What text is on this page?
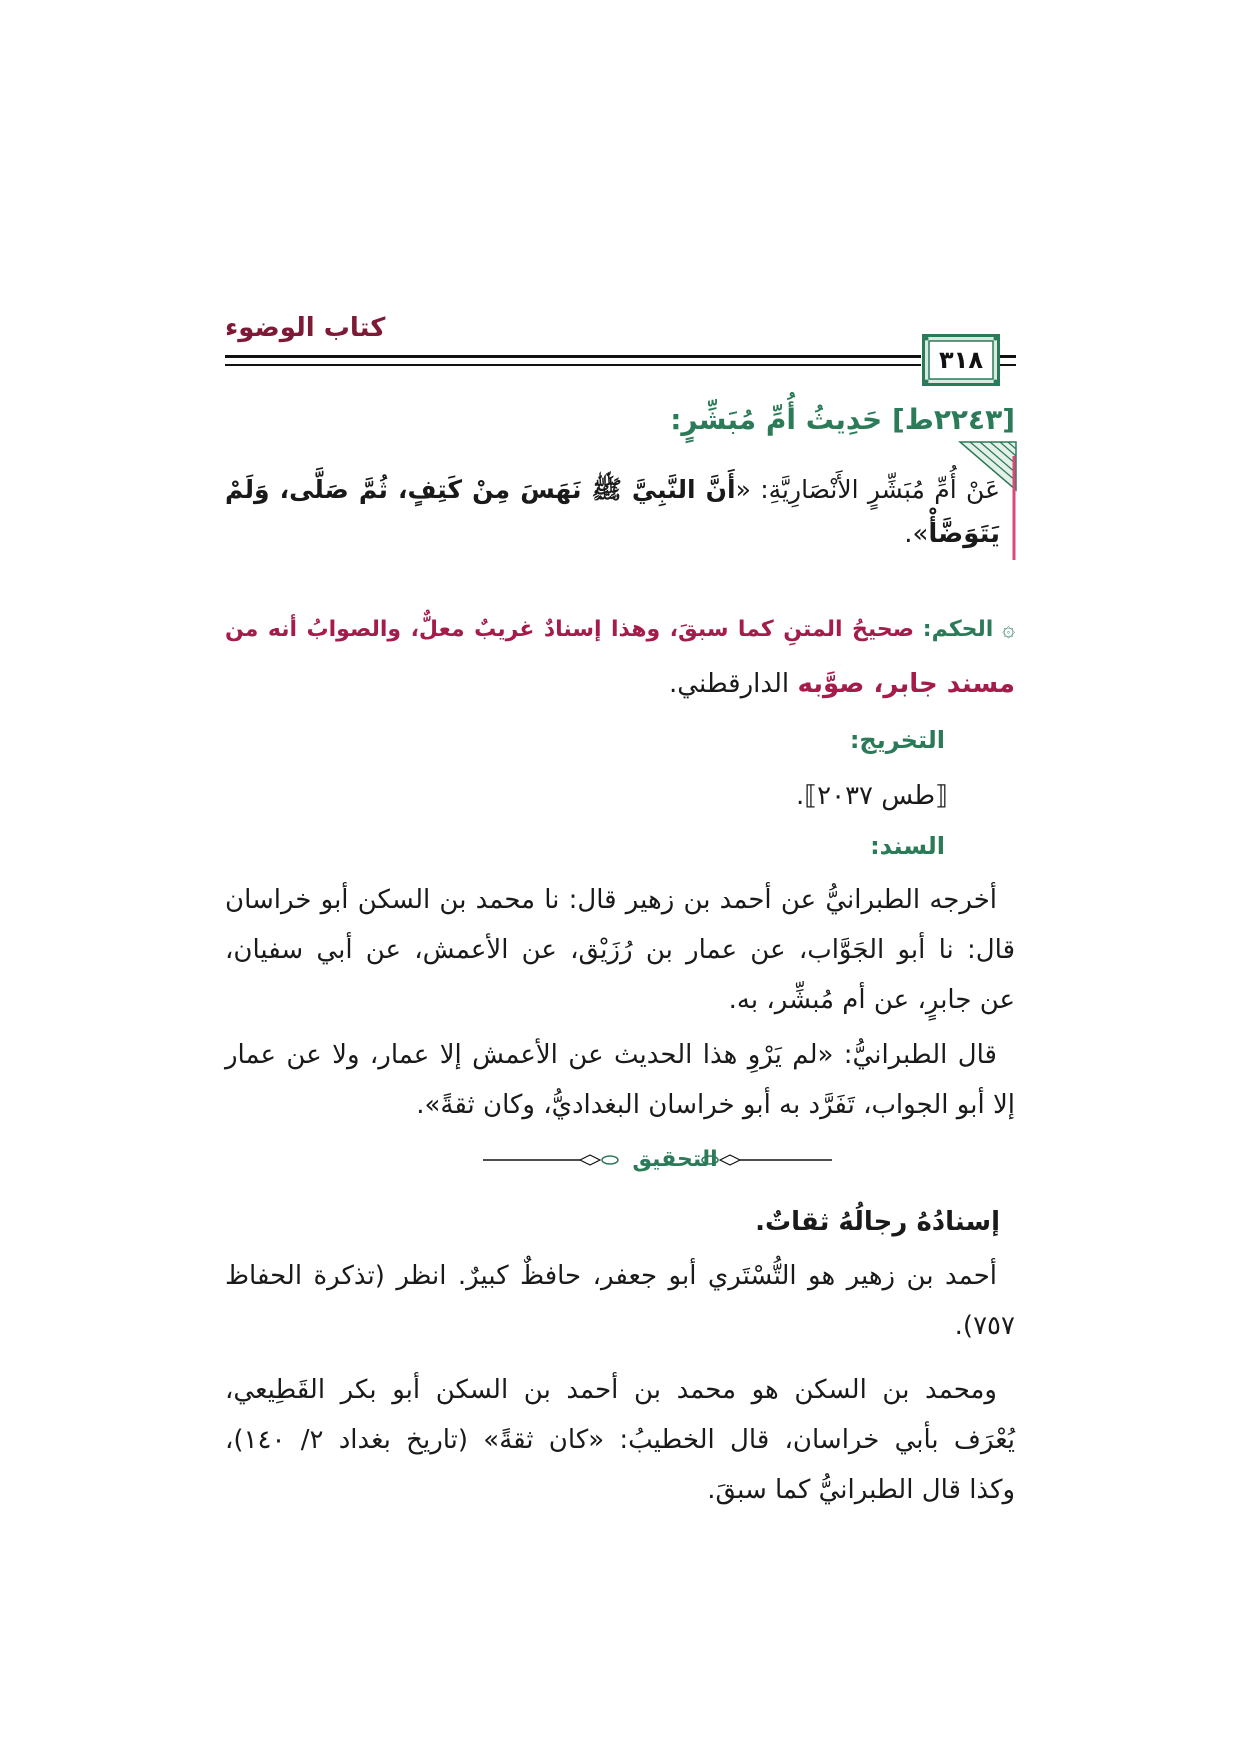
كتاب الوضوء
٣١٨
[٢٢٤٣ط] حَدِيثُ أُمِّ مُبَشِّرٍ:
عَنْ أُمِّ مُبَشِّرٍ الأَنْصَارِيَّةِ: «أَنَّ النَّبِيَّ ﷺ نَهَسَ مِنْ كَتِفٍ، ثُمَّ صَلَّى، وَلَمْ
يَتَوَضَّأْ».
۞ الحكم: صحيحُ المتنِ كما سبقَ، وهذا إسنادٌ غريبٌ معلٌّ، والصوابُ أنه من
مسند جابر، صوَّبه الدارقطني.
التخريج:
⟦طس ٢٠٣٧⟧.
السند:
أخرجه الطبرانيُّ عن أحمد بن زهير قال: نا محمد بن السكن أبو خراسان
قال: نا أبو الجَوَّاب، عن عمار بن رُزَيْق، عن الأعمش، عن أبي سفيان،
عن جابرٍ، عن أم مُبشِّر، به.
قال الطبرانيُّ: «لم يَرْوِ هذا الحديث عن الأعمش إلا عمار، ولا عن عمار
إلا أبو الجواب، تَفَرَّد به أبو خراسان البغداديُّ، وكان ثقةً».
التحقيق
إسنادُهُ رجالُهُ ثقاتٌ.
أحمد بن زهير هو التُّسْتَري أبو جعفر، حافظٌ كبيرٌ. انظر (تذكرة الحفاظ
٧٥٧).
ومحمد بن السكن هو محمد بن أحمد بن السكن أبو بكر القَطِيعي،
يُعْرَف بأبي خراسان، قال الخطيبُ: «كان ثقةً» (تاريخ بغداد ٢/ ١٤٠)،
وكذا قال الطبرانيُّ كما سبقَ.
